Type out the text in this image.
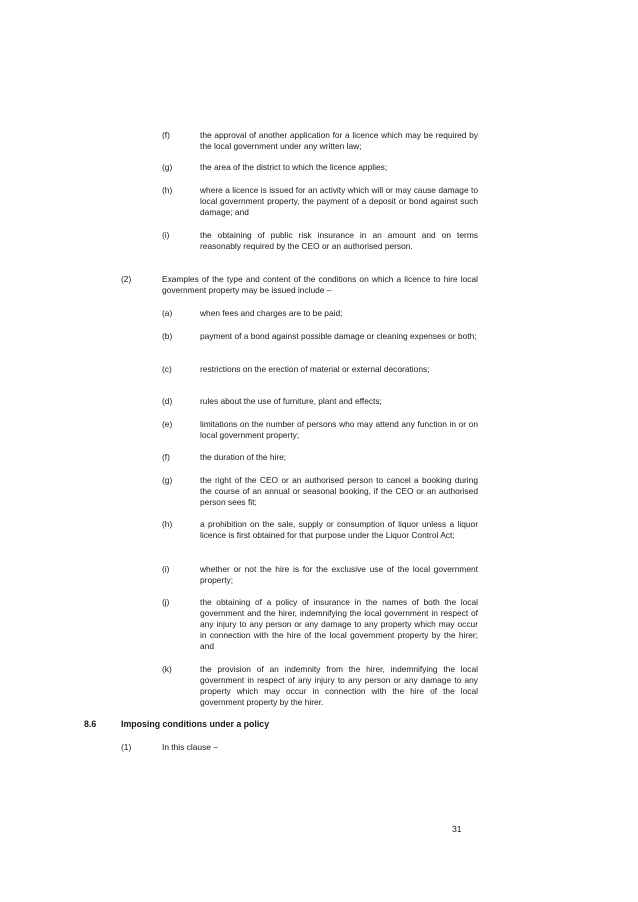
(f)	the approval of another application for a licence which may be required by the local government under any written law;
(g)	the area of the district to which the licence applies;
(h)	where a licence is issued for an activity which will or may cause damage to local government property, the payment of a deposit or bond against such damage; and
(i)	the obtaining of public risk insurance in an amount and on terms reasonably required by the CEO or an authorised person.
(2)	Examples of the type and content of the conditions on which a licence to hire local government property may be issued include –
(a)	when fees and charges are to be paid;
(b)	payment of a bond against possible damage or cleaning expenses or both;
(c)	restrictions on the erection of material or external decorations;
(d)	rules about the use of furniture, plant and effects;
(e)	limitations on the number of persons who may attend any function in or on local government property;
(f)	the duration of the hire;
(g)	the right of the CEO or an authorised person to cancel a booking during the course of an annual or seasonal booking, if the CEO or an authorised person sees fit;
(h)	a prohibition on the sale, supply or consumption of liquor unless a liquor licence is first obtained for that purpose under the Liquor Control Act;
(i)	whether or not the hire is for the exclusive use of the local government property;
(j)	the obtaining of a policy of insurance in the names of both the local government and the hirer, indemnifying the local government in respect of any injury to any person or any damage to any property which may occur in connection with the hire of the local government property by the hirer; and
(k)	the provision of an indemnity from the hirer, indemnifying the local government in respect of any injury to any person or any damage to any property which may occur in connection with the hire of the local government property by the hirer.
8.6	Imposing conditions under a policy
(1)	In this clause –
31
